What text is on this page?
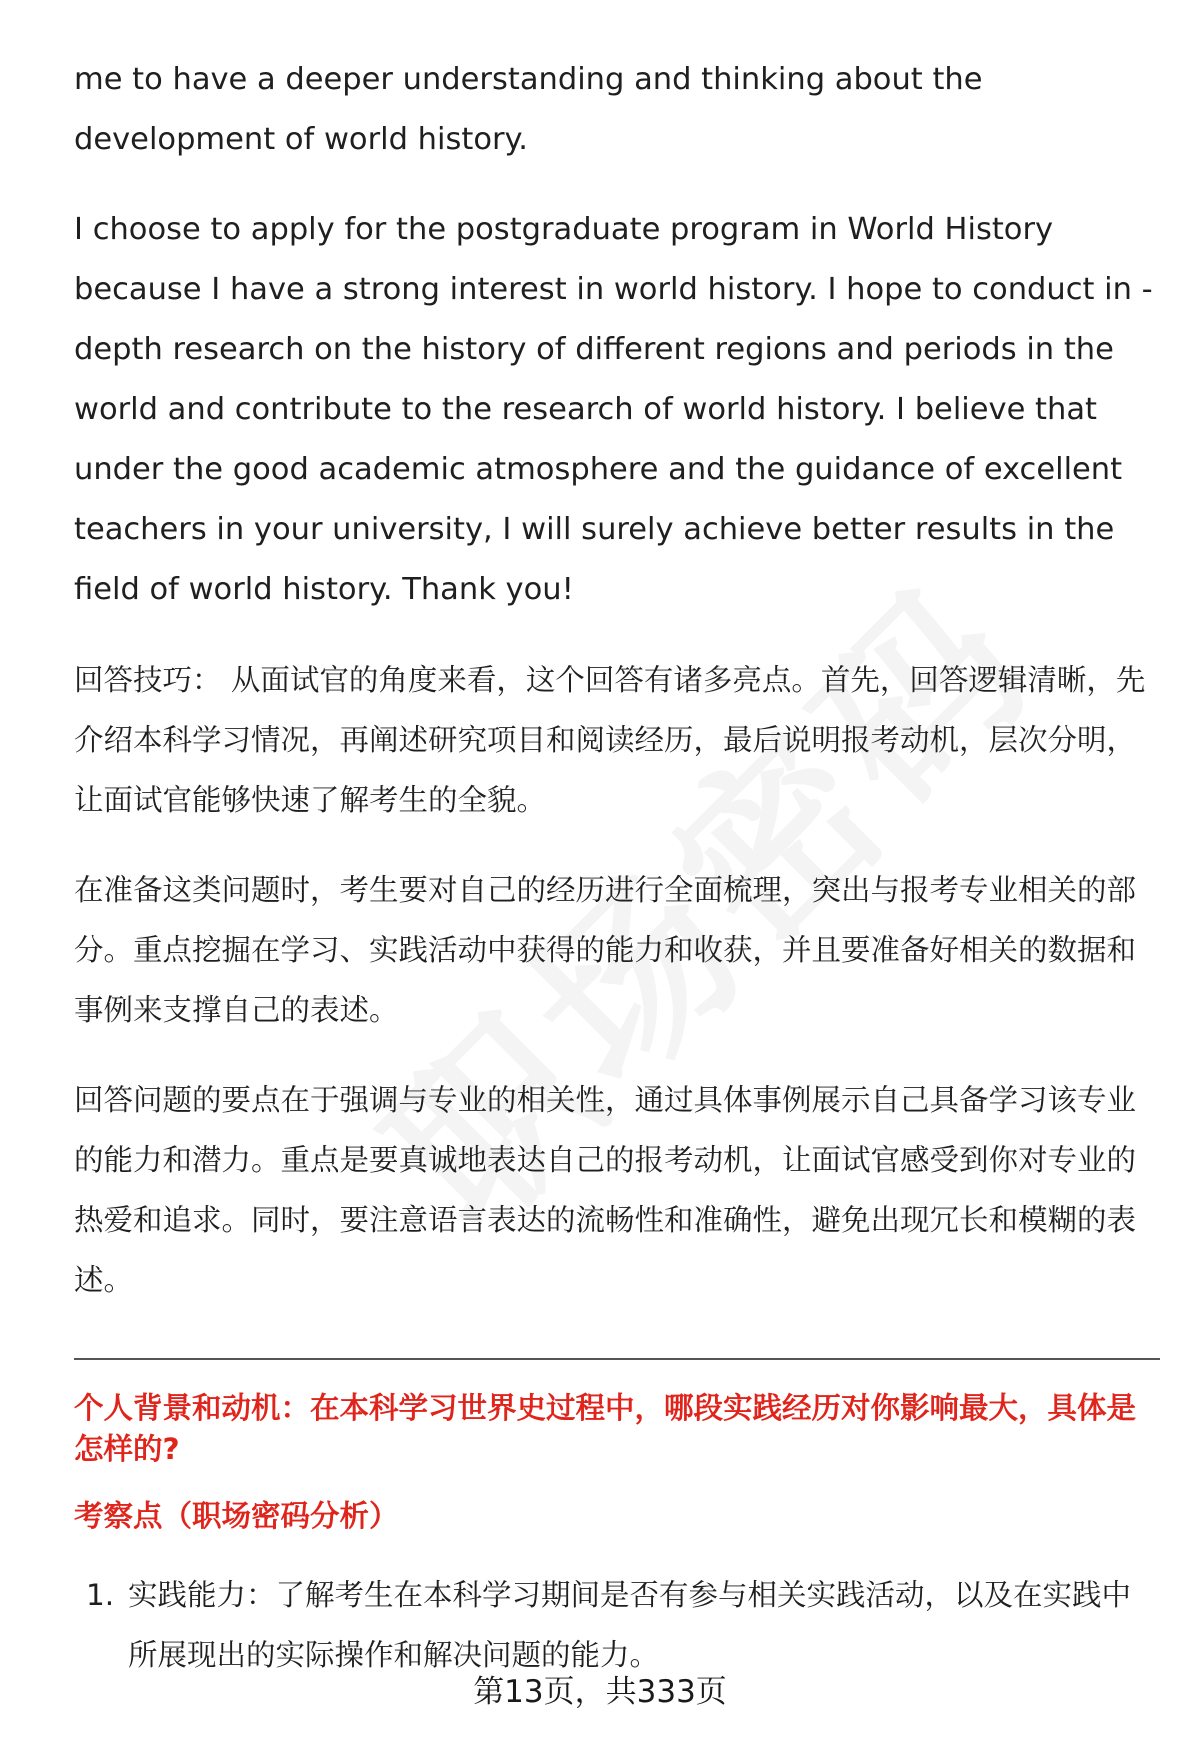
me to have a deeper understanding and thinking about the development of world history.

I choose to apply for the postgraduate program in World History because I have a strong interest in world history. I hope to conduct in - depth research on the history of different regions and periods in the world and contribute to the research of world history. I believe that under the good academic atmosphere and the guidance of excellent teachers in your university, I will surely achieve better results in the field of world history. Thank you!

回答技巧： 从面试官的角度来看，这个回答有诸多亮点。首先，回答逻辑清晰，先介绍本科学习情况，再阐述研究项目和阅读经历，最后说明报考动机，层次分明，让面试官能够快速了解考生的全貌。

在准备这类问题时，考生要对自己的经历进行全面梳理，突出与报考专业相关的部分。重点挖掘在学习、实践活动中获得的能力和收获，并且要准备好相关的数据和事例来支撑自己的表述。

回答问题的要点在于强调与专业的相关性，通过具体事例展示自己具备学习该专业的能力和潜力。重点是要真诚地表达自己的报考动机，让面试官感受到你对专业的热爱和追求。同时，要注意语言表达的流畅性和准确性，避免出现冗长和模糊的表述。

个人背景和动机：在本科学习世界史过程中，哪段实践经历对你影响最大，具体是怎样的?
考察点（职场密码分析）
1. 实践能力：了解考生在本科学习期间是否有参与相关实践活动，以及在实践中所展现出的实际操作和解决问题的能力。
第13页，共333页
